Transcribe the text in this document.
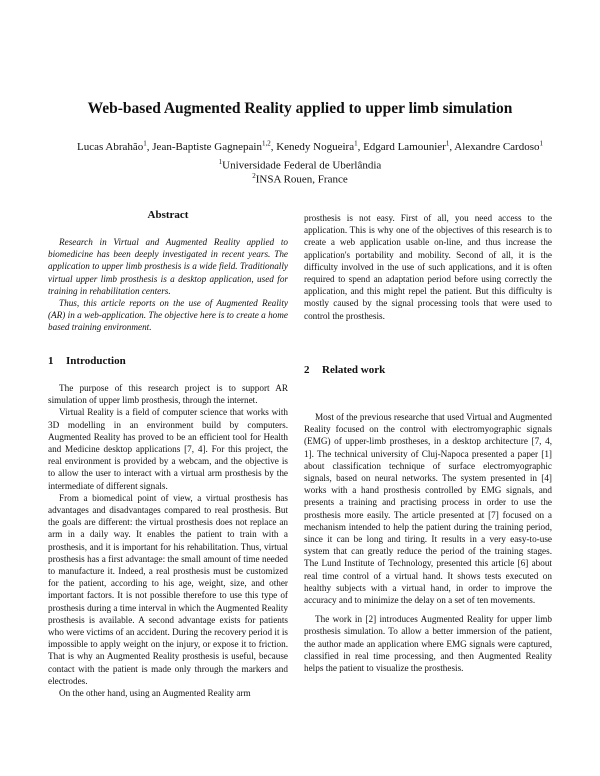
Web-based Augmented Reality applied to upper limb simulation
Lucas Abrahão$^1$, Jean-Baptiste Gagnepain$^{1,2}$, Kenedy Nogueira$^1$, Edgard Lamounier$^1$, Alexandre Cardoso$^1$
$^1$Universidade Federal de Uberlândia
$^2$INSA Rouen, France
Abstract

Research in Virtual and Augmented Reality applied to biomedicine has been deeply investigated in recent years. The application to upper limb prosthesis is a wide field. Traditionally virtual upper limb prosthesis is a desktop application, used for training in rehabilitation centers.

Thus, this article reports on the use of Augmented Reality (AR) in a web-application. The objective here is to create a home based training environment.

1 Introduction

The purpose of this research project is to support AR simulation of upper limb prosthesis, through the internet.

Virtual Reality is a field of computer science that works with 3D modelling in an environment build by computers. Augmented Reality has proved to be an efficient tool for Health and Medicine desktop applications [7, 4]. For this project, the real environment is provided by a webcam, and the objective is to allow the user to interact with a virtual arm prosthesis by the intermediate of different signals.

From a biomedical point of view, a virtual prosthesis has advantages and disadvantages compared to real prosthesis. But the goals are different: the virtual prosthesis does not replace an arm in a daily way. It enables the patient to train with a prosthesis, and it is important for his rehabilitation. Thus, virtual prosthesis has a first advantage: the small amount of time needed to manufacture it. Indeed, a real prosthesis must be customized for the patient, according to his age, weight, size, and other important factors. It is not possible therefore to use this type of prosthesis during a time interval in which the Augmented Reality prosthesis is available. A second advantage exists for patients who were victims of an accident. During the recovery period it is impossible to apply weight on the injury, or expose it to friction. That is why an Augmented Reality prosthesis is useful, because contact with the patient is made only through the markers and electrodes.

On the other hand, using an Augmented Reality arm

prosthesis is not easy. First of all, you need access to the application. This is why one of the objectives of this research is to create a web application usable on-line, and thus increase the application's portability and mobility. Second of all, it is the difficulty involved in the use of such applications, and it is often required to spend an adaptation period before using correctly the application, and this might repel the patient. But this difficulty is mostly caused by the signal processing tools that were used to control the prosthesis.

2 Related work

Most of the previous researche that used Virtual and Augmented Reality focused on the control with electromyographic signals (EMG) of upper-limb prostheses, in a desktop architecture [7, 4, 1]. The technical university of Cluj-Napoca presented a paper [1] about classification technique of surface electromyographic signals, based on neural networks. The system presented in [4] works with a hand prosthesis controlled by EMG signals, and presents a training and practising process in order to use the prosthesis more easily. The article presented at [7] focused on a mechanism intended to help the patient during the training period, since it can be long and tiring. It results in a very easy-to-use system that can greatly reduce the period of the training stages. The Lund Institute of Technology, presented this article [6] about real time control of a virtual hand. It shows tests executed on healthy subjects with a virtual hand, in order to improve the accuracy and to minimize the delay on a set of ten movements.

The work in [2] introduces Augmented Reality for upper limb prosthesis simulation. To allow a better immersion of the patient, the author made an application where EMG signals were captured, classified in real time processing, and then Augmented Reality helps the patient to visualize the prosthesis.
